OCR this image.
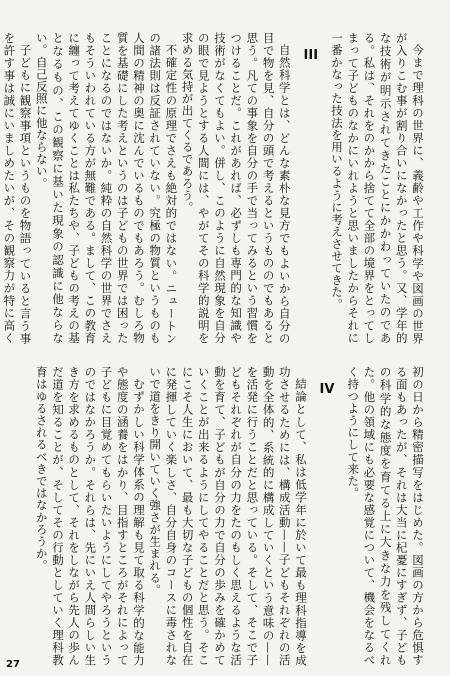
今まで理科の世界に、義齢や工作や科学や図画の世界が入りこむ事が割り合いになかったと思う。又、学年的な技術が明示されてきたことにかかわっていたのである。私は、それをのかから捨てて全部の境界をとってしまって子どものなかにいれようと思いましたからそれに一番かなった技法を用いるように考えさせてきた。

III

自然科学とは、どんな素朴な見方でもよいから自分の目で物を見、自分の頭で考えるというもののでもあると思う。凡ての事象を自分の手で当ってみるという習慣をつけることだ。これがあれば、必ずしも専門的な知識や技術がなくてもよい。併し、このように自然現象を自分の眼で見ようとする人間には、やがてその科学的説明を求める気持が出てくるであろう。

不確定性の原理でさえも絶対的ではない。ニュートンの諸法則は反証されていない。究極の物質というものも人間の精神の奥に沈んでいるものでもあろう。むしろ物質を基礎にした考えというのは子どもの世界では困ったことになるのではないか。純粋の自然科学の世界でさえもそういわれている方が無難である。まして、この教育に纏って考えてゆくことは私たちや、子どもの考えの基となるもの、この観察に基いた現象の認識に他ならない。自己反照に他ならない。

子どもに観察事項というものを物語っていると言う事を許す事は誠にいましめたいが、その観察力が特に高く

初の日から精密描写をはじめた。図画の方から危惧する面もあったが、それは大当に杞憂にすぎず、子どもの科学的な態度を育てる上に大きな力を残してくれた。他の領域にも必要な感覚について、機会をなるべく持つようにして来た。

IV

結論として、私は低学年に於いて最も理科指導を成功させるためには、構成活動——子どもそれぞれの活動を全体的、系統的に構成していくという意味の——を活発に行うことだと思っている。そして、そこで子どもそれぞれが自分の力をたのもしく思えるような活動を育て、子どもが自分の力で自分の歩みを確かめていくことが出来るようにしてやることだと思う。そこにこそ人生において、最も大切な子どもの個性を自在に発揮していく楽しさ、自分自身のコースに毒されないで道をきり開いていく強さが生まれる。

むずかしい科学体系の理解も見て取る科学的な能力や態度の涵養をはかり、目指すところがそれによって子どもに目覚めてもらいたいようにしてやろうというのではなかろうか。それらは、先にいえ人間らしい生き方を求めるものとして、それをしながら先人の歩んだ道を知ることが、そしてその行動としていく理科教育はゆるされるべきではなかろうか。

27
